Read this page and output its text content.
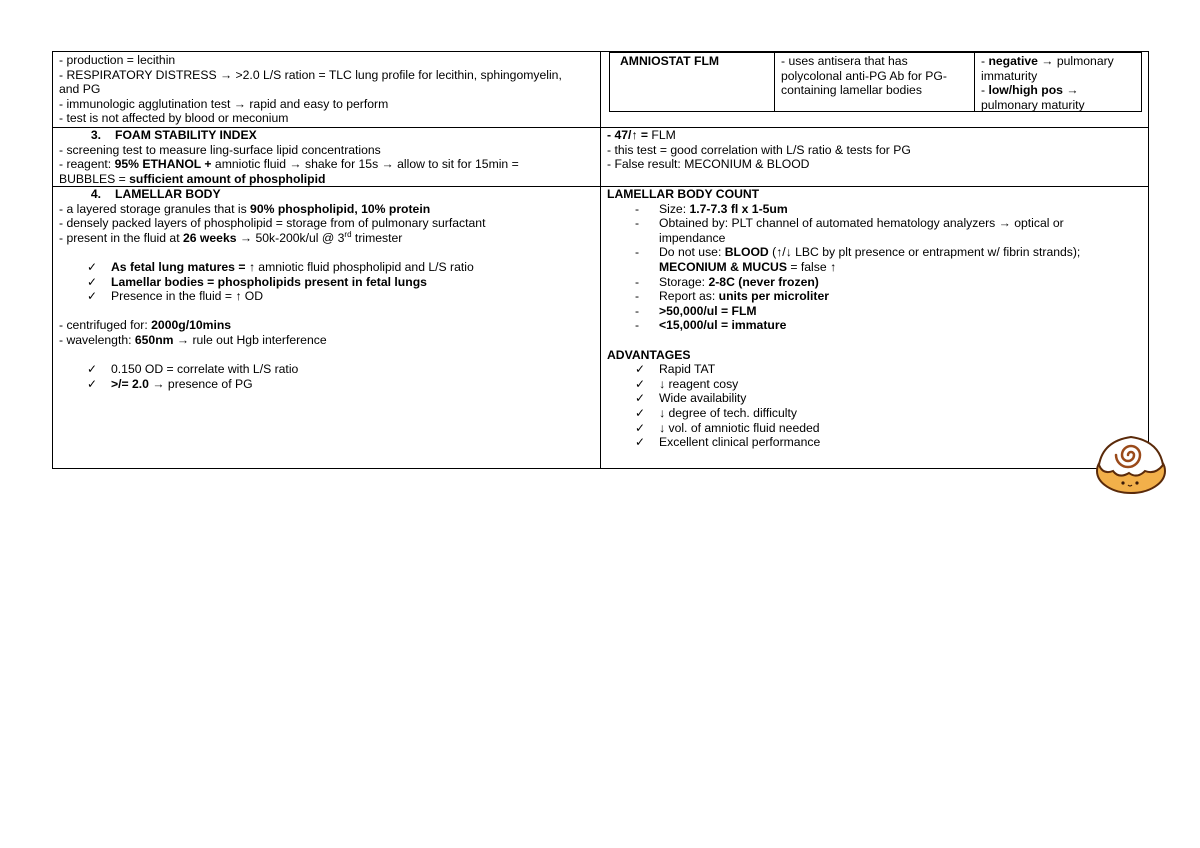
- production = lecithin
- RESPIRATORY DISTRESS → >2.0 L/S ration = TLC lung profile for lecithin, sphingomyelin,
and PG
- immunologic agglutination test → rapid and easy to perform
- test is not affected by blood or meconium
AMNIOSTAT FLM	- uses antisera that has polycolonal anti-PG Ab for PG-containing lamellar bodies
- negative → pulmonary immaturity
- low/high pos → pulmonary maturity
3. FOAM STABILITY INDEX
- screening test to measure ling-surface lipid concentrations
- reagent: 95% ETHANOL + amniotic fluid → shake for 15s → allow to sit for 15min =
BUBBLES = sufficient amount of phospholipid
- 47/↑ = FLM
- this test = good correlation with L/S ratio & tests for PG
- False result: MECONIUM & BLOOD
4. LAMELLAR BODY
- a layered storage granules that is 90% phospholipid, 10% protein
- densely packed layers of phospholipid = storage from of pulmonary surfactant
- present in the fluid at 26 weeks → 50k-200k/ul @ 3rd trimester
✓ As fetal lung matures = ↑ amniotic fluid phospholipid and L/S ratio
✓ Lamellar bodies = phospholipids present in fetal lungs
✓ Presence in the fluid = ↑ OD
- centrifuged for: 2000g/10mins
- wavelength: 650nm → rule out Hgb interference
✓ 0.150 OD = correlate with L/S ratio
✓ >/= 2.0 → presence of PG
LAMELLAR BODY COUNT
- Size: 1.7-7.3 fl x 1-5um
- Obtained by: PLT channel of automated hematology analyzers → optical or impendance
- Do not use: BLOOD (↑/↓ LBC by plt presence or entrapment w/ fibrin strands);
MECONIUM & MUCUS = false ↑
- Storage: 2-8C (never frozen)
- Report as: units per microliter
- >50,000/ul = FLM
- <15,000/ul = immature
ADVANTAGES
✓ Rapid TAT
✓ ↓ reagent cosy
✓ Wide availability
✓ ↓ degree of tech. difficulty
✓ ↓ vol. of amniotic fluid needed
✓ Excellent clinical performance
